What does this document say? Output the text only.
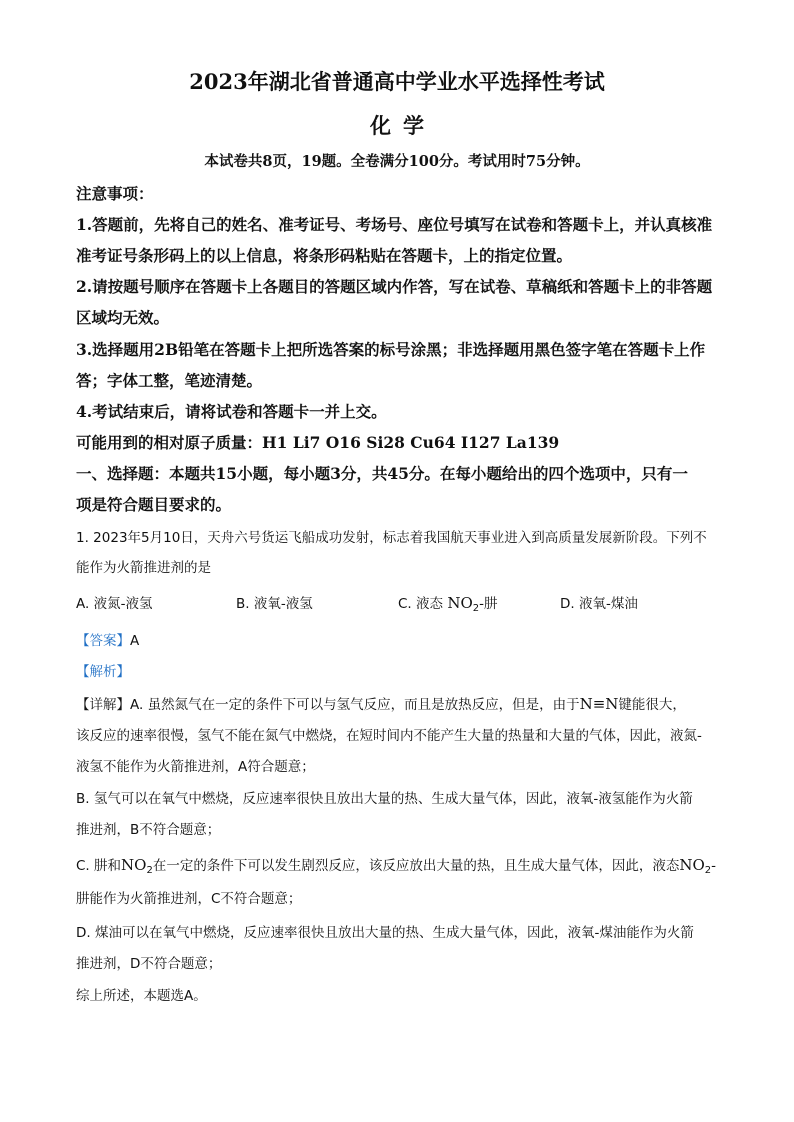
2023年湖北省普通高中学业水平选择性考试
化学
本试卷共8页，19题。全卷满分100分。考试用时75分钟。
注意事项：
1.答题前，先将自己的姓名、准考证号、考场号、座位号填写在试卷和答题卡上，并认真核准
准考证号条形码上的以上信息，将条形码粘贴在答题卡，上的指定位置。
2.请按题号顺序在答题卡上各题目的答题区域内作答，写在试卷、草稿纸和答题卡上的非答题
区域均无效。
3.选择题用2B铅笔在答题卡上把所选答案的标号涂黑；非选择题用黑色签字笔在答题卡上作
答；字体工整，笔迹清楚。
4.考试结束后，请将试卷和答题卡一并上交。
可能用到的相对原子质量：H1 Li7 O16 Si28 Cu64 I127 La139
一、选择题：本题共15小题，每小题3分，共45分。在每小题给出的四个选项中，只有一
项是符合题目要求的。
1. 2023年5月10日，天舟六号货运飞船成功发射，标志着我国航天事业进入到高质量发展新阶段。下列不
能作为火箭推进剂的是
A. 液氮-液氢	B. 液氧-液氢	C. 液态 $NO_2-$肼	D. 液氧-煤油
【答案】A
【解析】
【详解】A. 虽然氮气在一定的条件下可以与氢气反应，而且是放热反应，但是，由于N≡N键能很大，
该反应的速率很慢，氢气不能在氮气中燃烧，在短时间内不能产生大量的热量和大量的气体，因此，液氮-
液氢不能作为火箭推进剂，A符合题意；
B. 氢气可以在氧气中燃烧，反应速率很快且放出大量的热、生成大量气体，因此，液氧-液氢能作为火箭
推进剂，B不符合题意；
C. 肼和$NO_2$在一定的条件下可以发生剧烈反应，该反应放出大量的热，且生成大量气体，因此，液态$NO_2-$
肼能作为火箭推进剂，C不符合题意；
D. 煤油可以在氧气中燃烧，反应速率很快且放出大量的热、生成大量气体，因此，液氧-煤油能作为火箭
推进剂，D不符合题意；
综上所述，本题选A。
